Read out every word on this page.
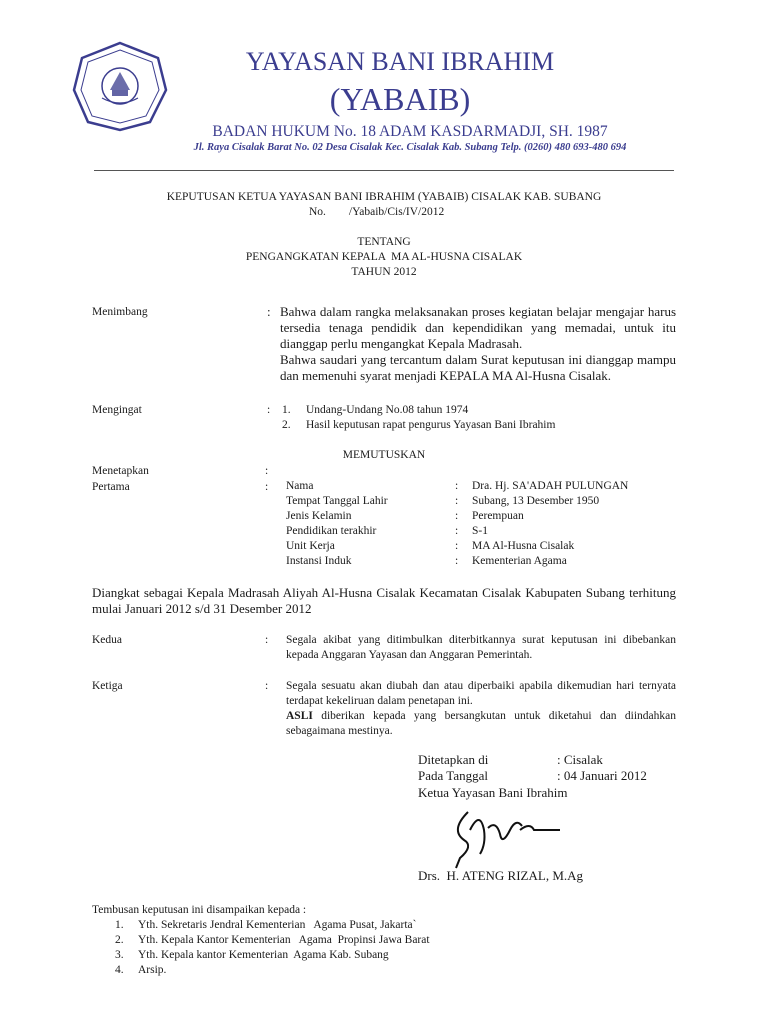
YAYASAN BANI IBRAHIM
(YABAIB)
BADAN HUKUM No. 18 ADAM KASDARMADJI, SH. 1987
Jl. Raya Cisalak Barat No. 02 Desa Cisalak Kec. Cisalak Kab. Subang Telp. (0260) 480 693-480 694
KEPUTUSAN KETUA YAYASAN BANI IBRAHIM (YABAIB) CISALAK KAB. SUBANG
No.        /Yabaib/Cis/IV/2012
TENTANG
PENGANGKATAN KEPALA  MA AL-HUSNA CISALAK
TAHUN 2012
Menimbang	: Bahwa dalam rangka melaksanakan proses kegiatan belajar mengajar harus tersedia tenaga pendidik dan kependidikan yang memadai, untuk itu dianggap perlu mengangkat Kepala Madrasah.
Bahwa saudari yang tercantum dalam Surat keputusan ini dianggap mampu dan memenuhi syarat menjadi KEPALA MA Al-Husna Cisalak.
Mengingat	: 1. Undang-Undang No.08 tahun 1974
2. Hasil keputusan rapat pengurus Yayasan Bani Ibrahim
MEMUTUSKAN
Menetapkan	:
Pertama	: Nama	: Dra. Hj. SA'ADAH PULUNGAN
Tempat Tanggal Lahir	: Subang, 13 Desember 1950
Jenis Kelamin	: Perempuan
Pendidikan terakhir	: S-1
Unit Kerja	: MA Al-Husna Cisalak
Instansi Induk	: Kementerian Agama
Diangkat sebagai Kepala Madrasah Aliyah Al-Husna Cisalak Kecamatan Cisalak Kabupaten Subang terhitung mulai Januari 2012 s/d 31 Desember 2012
Kedua	: Segala akibat yang ditimbulkan diterbitkannya surat keputusan ini dibebankan kepada Anggaran Yayasan dan Anggaran Pemerintah.
Ketiga	: Segala sesuatu akan diubah dan atau diperbaiki apabila dikemudian hari ternyata terdapat kekeliruan dalam penetapan ini.
ASLI diberikan kepada yang bersangkutan untuk diketahui dan diindahkan sebagaimana mestinya.
Ditetapkan di	: Cisalak
Pada Tanggal	: 04 Januari 2012
Ketua Yayasan Bani Ibrahim
Drs.  H. ATENG RIZAL, M.Ag
Tembusan keputusan ini disampaikan kepada :
1. Yth. Sekretaris Jendral Kementerian   Agama Pusat, Jakarta`
2. Yth. Kepala Kantor Kementerian   Agama  Propinsi Jawa Barat
3. Yth. Kepala kantor Kementerian  Agama Kab. Subang
4. Arsip.
